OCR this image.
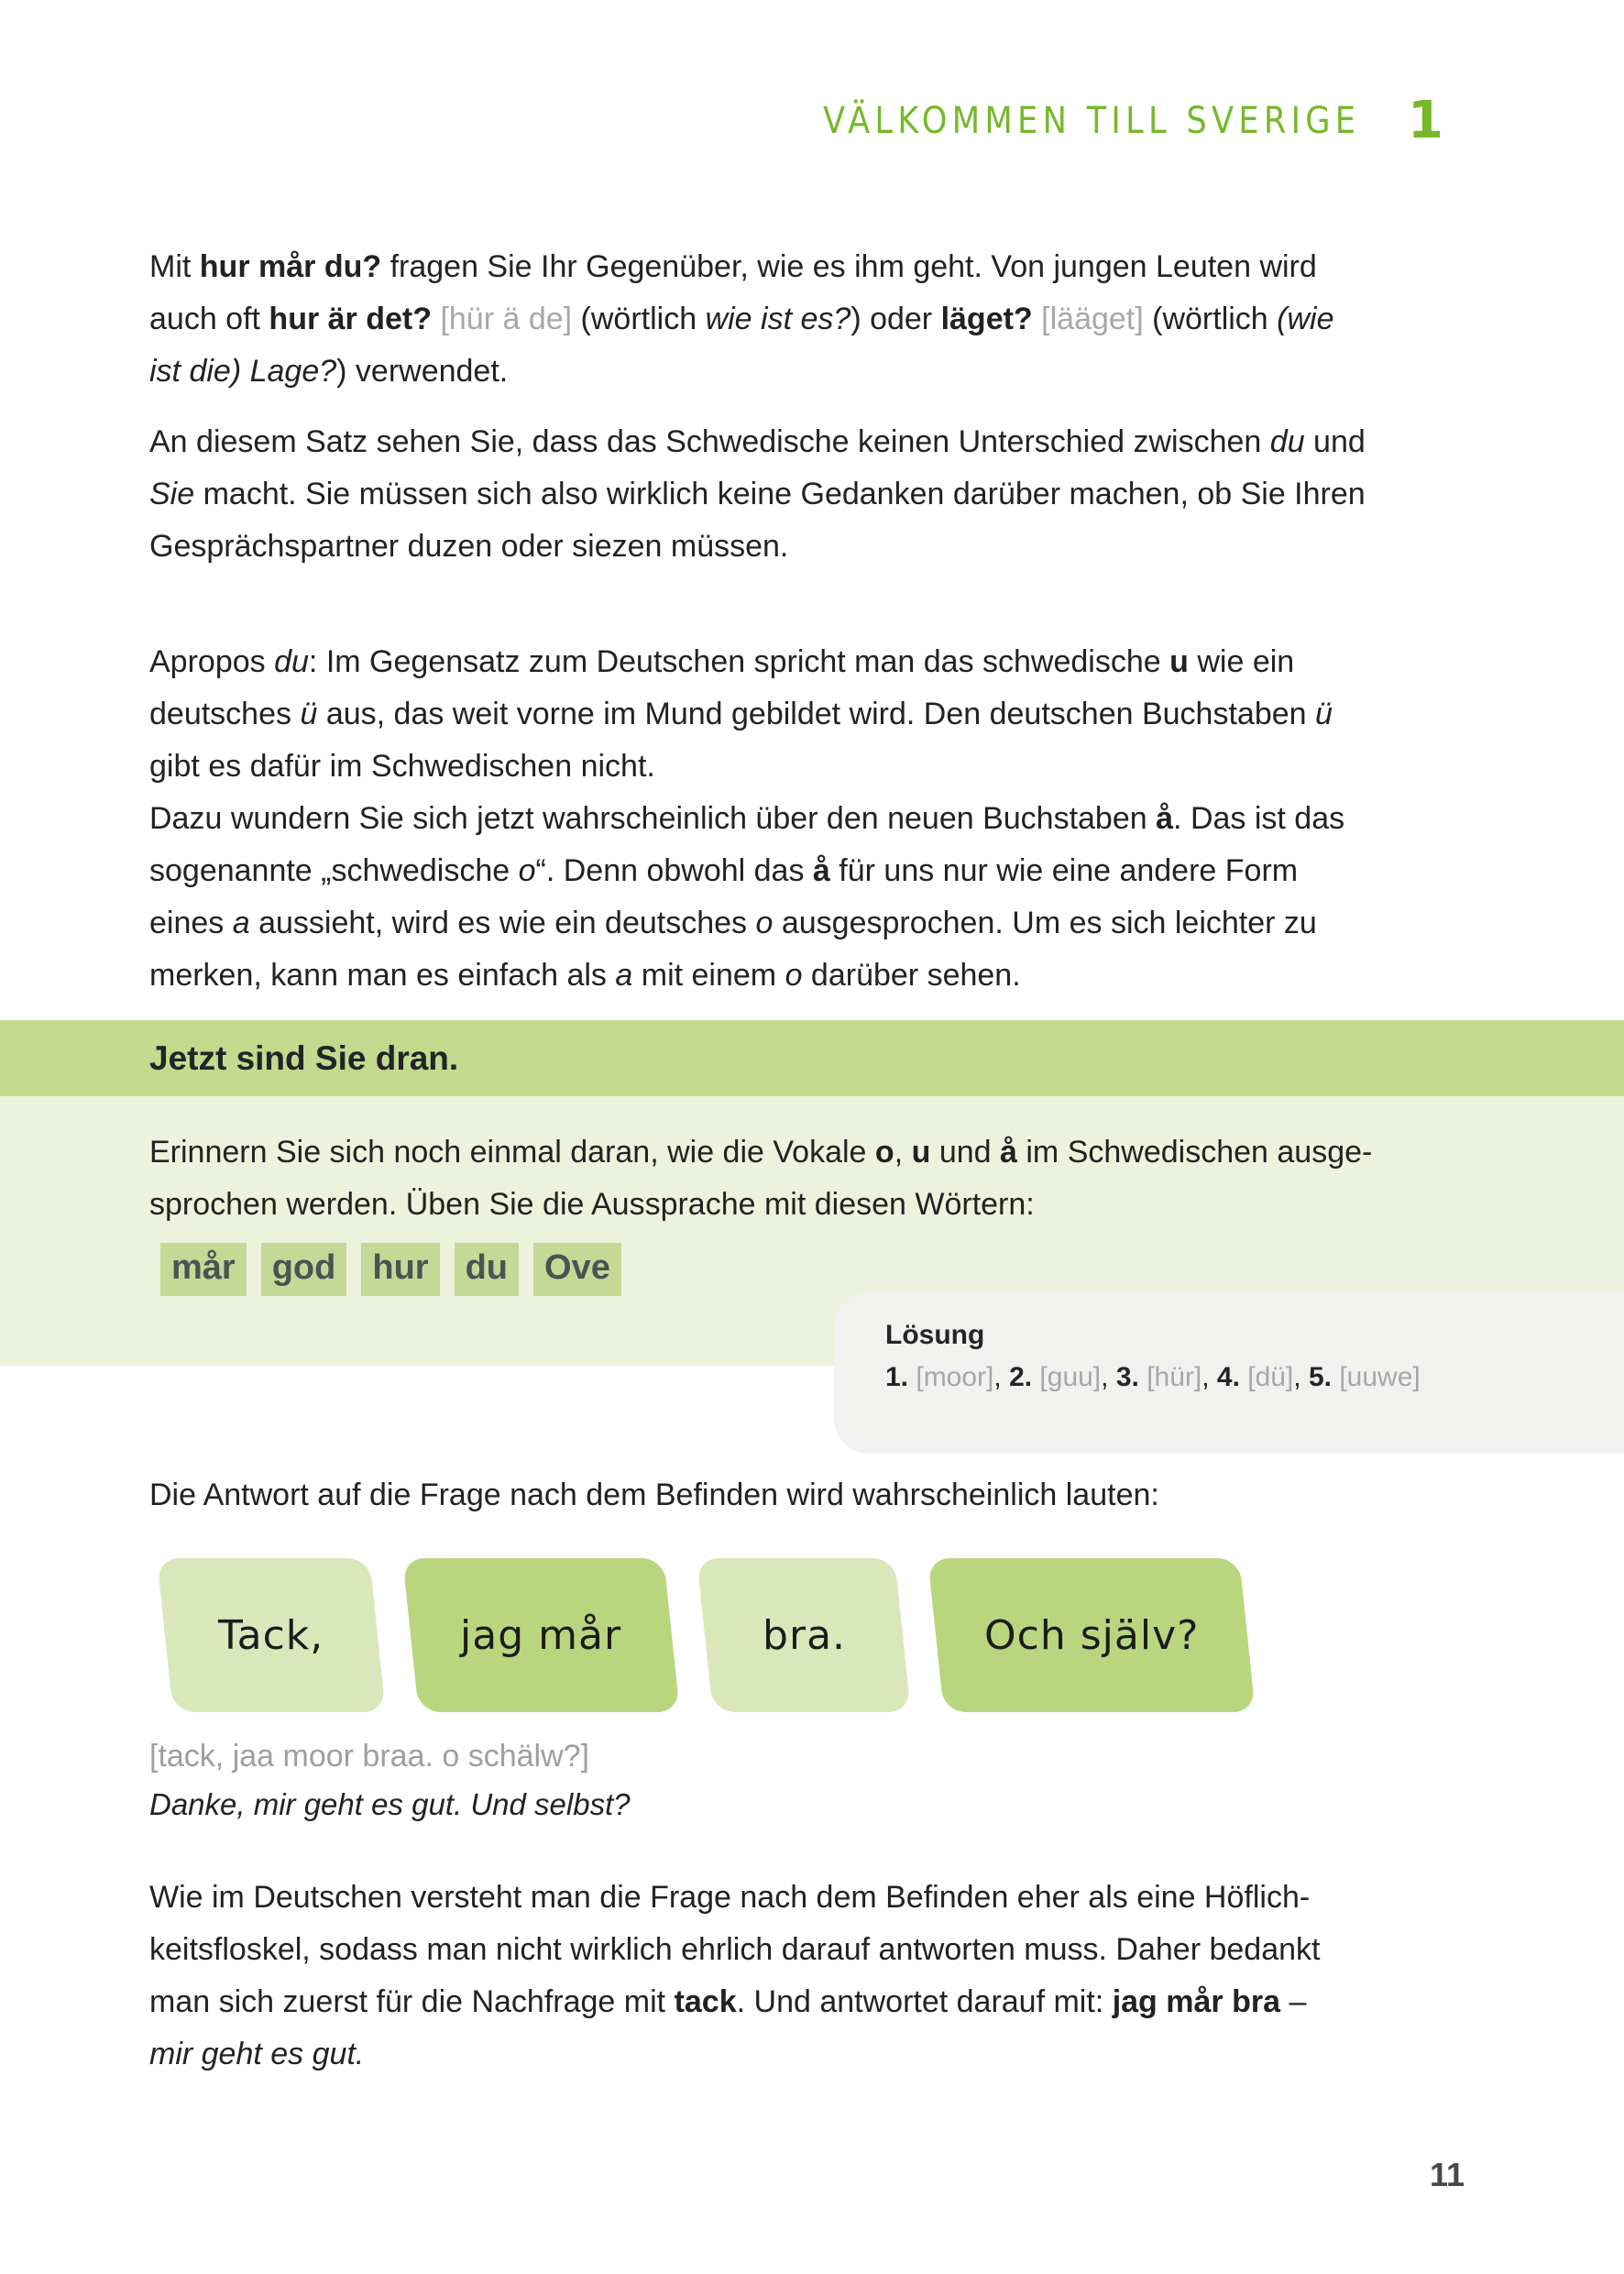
VÄLKOMMEN TILL SVERIGE 1
Mit hur mår du? fragen Sie Ihr Gegenüber, wie es ihm geht. Von jungen Leuten wird
auch oft hur är det? [hür ä de] (wörtlich wie ist es?) oder läget? [lääget] (wörtlich (wie
ist die) Lage?) verwendet.
An diesem Satz sehen Sie, dass das Schwedische keinen Unterschied zwischen du und
Sie macht. Sie müssen sich also wirklich keine Gedanken darüber machen, ob Sie Ihren
Gesprächspartner duzen oder siezen müssen.
Apropos du: Im Gegensatz zum Deutschen spricht man das schwedische u wie ein
deutsches ü aus, das weit vorne im Mund gebildet wird. Den deutschen Buchstaben ü
gibt es dafür im Schwedischen nicht.
Dazu wundern Sie sich jetzt wahrscheinlich über den neuen Buchstaben å. Das ist das
sogenannte „schwedische o“. Denn obwohl das å für uns nur wie eine andere Form
eines a aussieht, wird es wie ein deutsches o ausgesprochen. Um es sich leichter zu
merken, kann man es einfach als a mit einem o darüber sehen.
Jetzt sind Sie dran.
Erinnern Sie sich noch einmal daran, wie die Vokale o, u und å im Schwedischen ausge-
sprochen werden. Üben Sie die Aussprache mit diesen Wörtern:
mår	god	hur	du	Ove
Lösung
1. [moor], 2. [guu], 3. [hür], 4. [dü], 5. [uuwe]
Die Antwort auf die Frage nach dem Befinden wird wahrscheinlich lauten:
Tack,	jag mår	bra.	Och själv?
[tack, jaa moor braa. o schälw?]
Danke, mir geht es gut. Und selbst?
Wie im Deutschen versteht man die Frage nach dem Befinden eher als eine Höflich-
keitsfloskel, sodass man nicht wirklich ehrlich darauf antworten muss. Daher bedankt
man sich zuerst für die Nachfrage mit tack. Und antwortet darauf mit: jag mår bra –
mir geht es gut.
11
